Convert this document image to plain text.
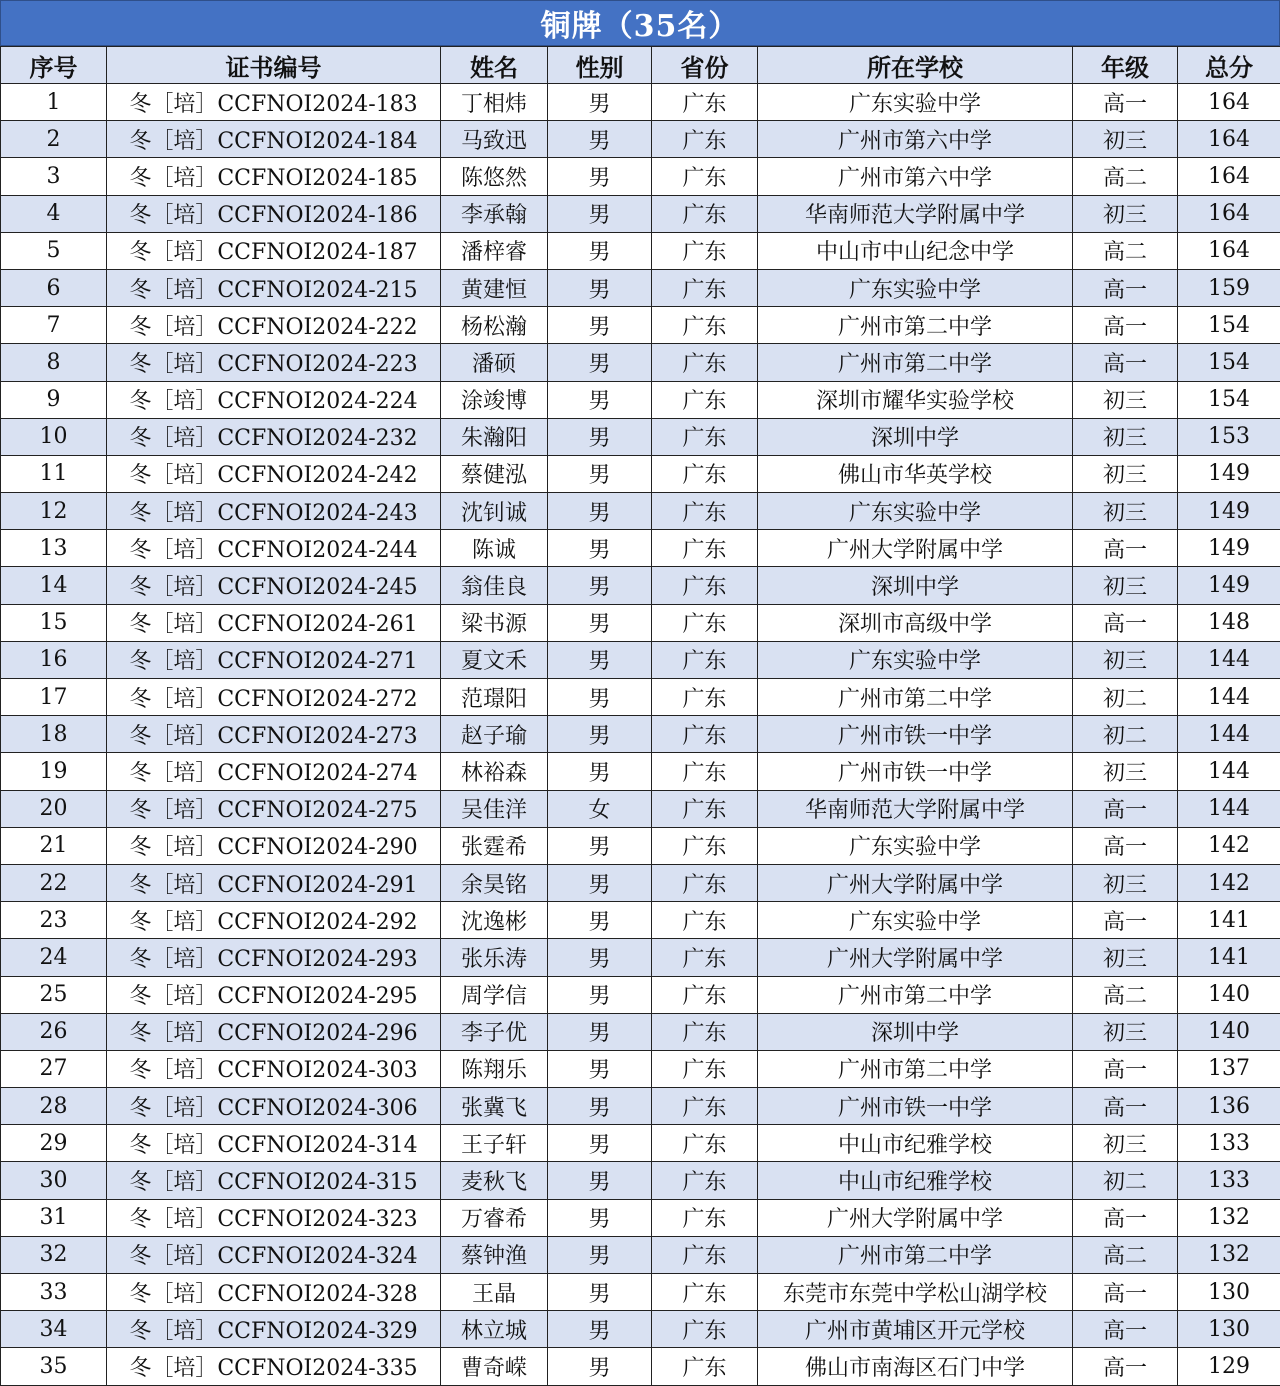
铜牌（35名）
序号	证书编号	姓名	性别	省份	所在学校	年级	总分
1	冬［培］CCFNOI2024-183	丁相炜	男	广东	广东实验中学	高一	164
2	冬［培］CCFNOI2024-184	马致迅	男	广东	广州市第六中学	初三	164
3	冬［培］CCFNOI2024-185	陈悠然	男	广东	广州市第六中学	高二	164
4	冬［培］CCFNOI2024-186	李承翰	男	广东	华南师范大学附属中学	初三	164
5	冬［培］CCFNOI2024-187	潘梓睿	男	广东	中山市中山纪念中学	高二	164
6	冬［培］CCFNOI2024-215	黄建恒	男	广东	广东实验中学	高一	159
7	冬［培］CCFNOI2024-222	杨松瀚	男	广东	广州市第二中学	高一	154
8	冬［培］CCFNOI2024-223	潘硕	男	广东	广州市第二中学	高一	154
9	冬［培］CCFNOI2024-224	涂竣博	男	广东	深圳市耀华实验学校	初三	154
10	冬［培］CCFNOI2024-232	朱瀚阳	男	广东	深圳中学	初三	153
11	冬［培］CCFNOI2024-242	蔡健泓	男	广东	佛山市华英学校	初三	149
12	冬［培］CCFNOI2024-243	沈钊诚	男	广东	广东实验中学	初三	149
13	冬［培］CCFNOI2024-244	陈诚	男	广东	广州大学附属中学	高一	149
14	冬［培］CCFNOI2024-245	翁佳良	男	广东	深圳中学	初三	149
15	冬［培］CCFNOI2024-261	梁书源	男	广东	深圳市高级中学	高一	148
16	冬［培］CCFNOI2024-271	夏文禾	男	广东	广东实验中学	初三	144
17	冬［培］CCFNOI2024-272	范璟阳	男	广东	广州市第二中学	初二	144
18	冬［培］CCFNOI2024-273	赵子瑜	男	广东	广州市铁一中学	初二	144
19	冬［培］CCFNOI2024-274	林裕森	男	广东	广州市铁一中学	初三	144
20	冬［培］CCFNOI2024-275	吴佳洋	女	广东	华南师范大学附属中学	高一	144
21	冬［培］CCFNOI2024-290	张霆希	男	广东	广东实验中学	高一	142
22	冬［培］CCFNOI2024-291	余昊铭	男	广东	广州大学附属中学	初三	142
23	冬［培］CCFNOI2024-292	沈逸彬	男	广东	广东实验中学	高一	141
24	冬［培］CCFNOI2024-293	张乐涛	男	广东	广州大学附属中学	初三	141
25	冬［培］CCFNOI2024-295	周学信	男	广东	广州市第二中学	高二	140
26	冬［培］CCFNOI2024-296	李子优	男	广东	深圳中学	初三	140
27	冬［培］CCFNOI2024-303	陈翔乐	男	广东	广州市第二中学	高一	137
28	冬［培］CCFNOI2024-306	张冀飞	男	广东	广州市铁一中学	高一	136
29	冬［培］CCFNOI2024-314	王子轩	男	广东	中山市纪雅学校	初三	133
30	冬［培］CCFNOI2024-315	麦秋飞	男	广东	中山市纪雅学校	初二	133
31	冬［培］CCFNOI2024-323	万睿希	男	广东	广州大学附属中学	高一	132
32	冬［培］CCFNOI2024-324	蔡钟渔	男	广东	广州市第二中学	高二	132
33	冬［培］CCFNOI2024-328	王晶	男	广东	东莞市东莞中学松山湖学校	高一	130
34	冬［培］CCFNOI2024-329	林立城	男	广东	广州市黄埔区开元学校	高一	130
35	冬［培］CCFNOI2024-335	曹奇嵘	男	广东	佛山市南海区石门中学	高一	129
